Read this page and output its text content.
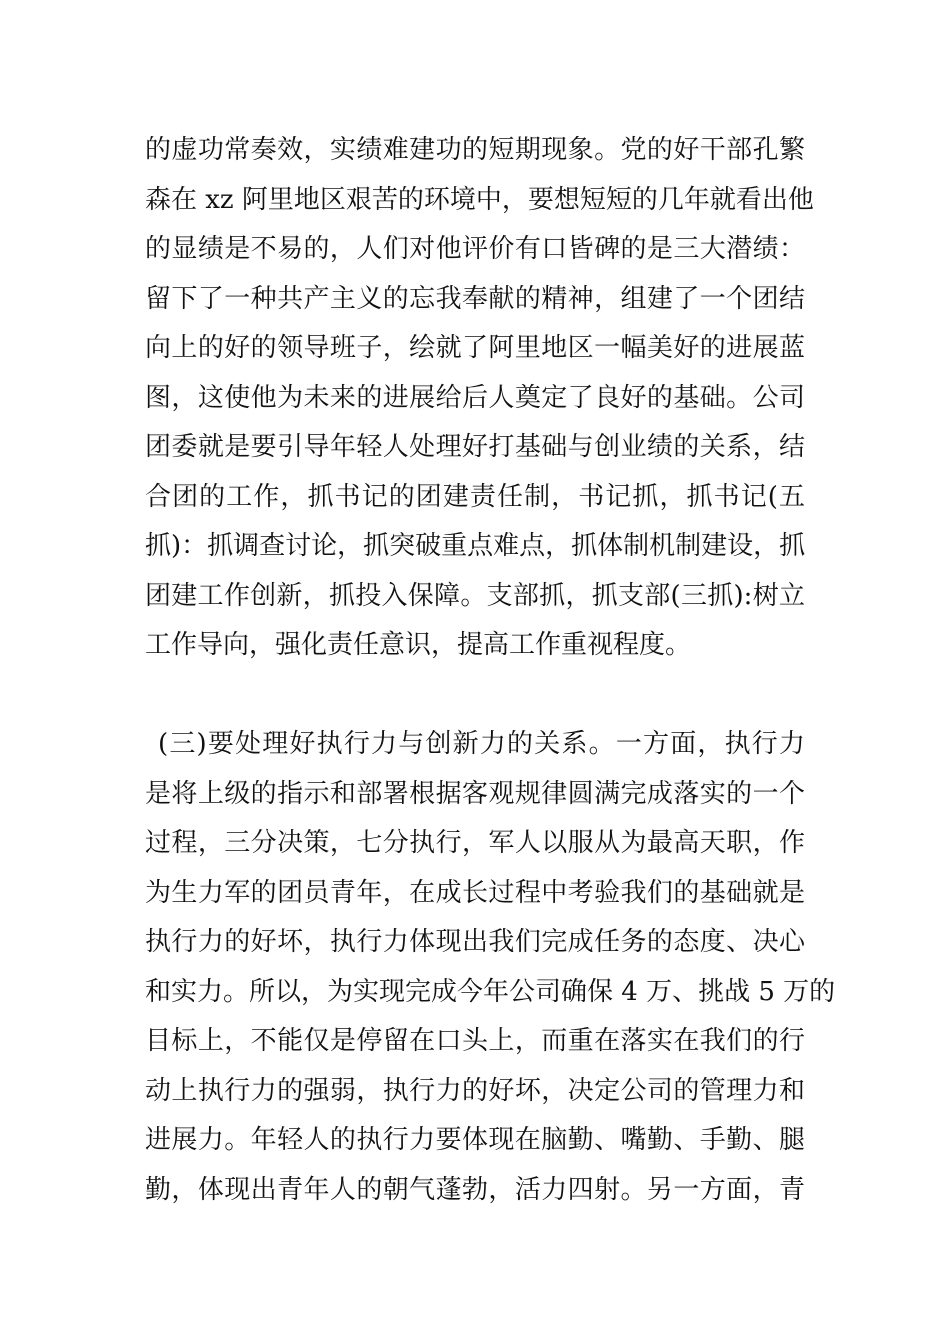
的虚功常奏效，实绩难建功的短期现象。党的好干部孔繁
森在 xz 阿里地区艰苦的环境中，要想短短的几年就看出他
的显绩是不易的，人们对他评价有口皆碑的是三大潜绩：
留下了一种共产主义的忘我奉献的精神，组建了一个团结
向上的好的领导班子，绘就了阿里地区一幅美好的进展蓝
图，这使他为未来的进展给后人奠定了良好的基础。公司
团委就是要引导年轻人处理好打基础与创业绩的关系，结
合团的工作，抓书记的团建责任制，书记抓，抓书记(五
抓)：抓调查讨论，抓突破重点难点，抓体制机制建设，抓
团建工作创新，抓投入保障。支部抓，抓支部(三抓):树立
工作导向，强化责任意识，提高工作重视程度。
(三)要处理好执行力与创新力的关系。一方面，执行力
是将上级的指示和部署根据客观规律圆满完成落实的一个
过程，三分决策，七分执行，军人以服从为最高天职，作
为生力军的团员青年，在成长过程中考验我们的基础就是
执行力的好坏，执行力体现出我们完成任务的态度、决心
和实力。所以，为实现完成今年公司确保 4 万、挑战 5 万的
目标上，不能仅是停留在口头上，而重在落实在我们的行
动上执行力的强弱，执行力的好坏，决定公司的管理力和
进展力。年轻人的执行力要体现在脑勤、嘴勤、手勤、腿
勤，体现出青年人的朝气蓬勃，活力四射。另一方面，青
